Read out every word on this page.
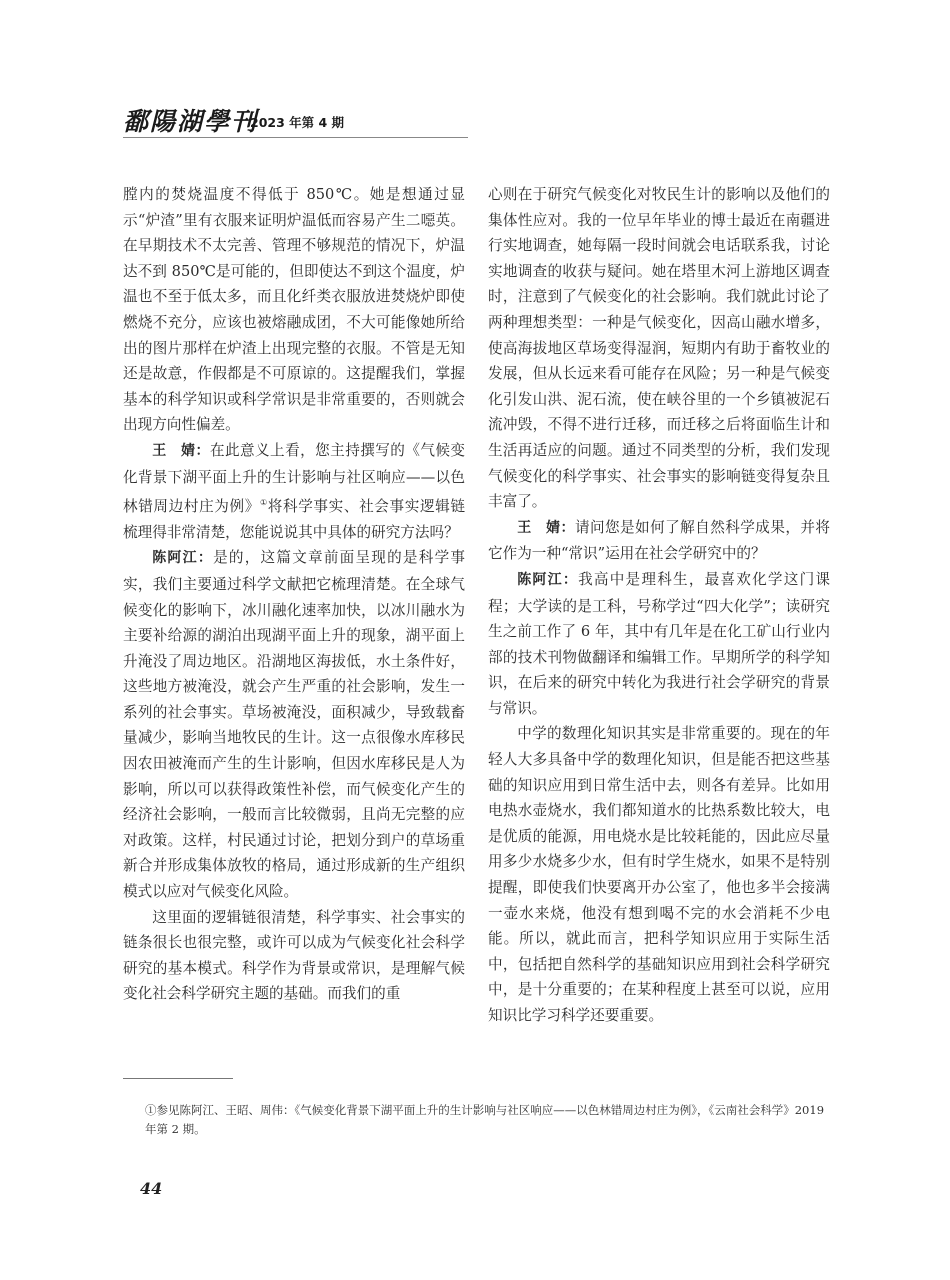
鄱陽湖學刊
2023 年第 4 期

膛内的焚烧温度不得低于 850℃。她是想通过显示“炉渣”里有衣服来证明炉温低而容易产生二噁英。在早期技术不太完善、管理不够规范的情况下，炉温达不到 850℃是可能的，但即使达不到这个温度，炉温也不至于低太多，而且化纤类衣服放进焚烧炉即使燃烧不充分，应该也被熔融成团，不大可能像她所给出的图片那样在炉渣上出现完整的衣服。不管是无知还是故意，作假都是不可原谅的。这提醒我们，掌握基本的科学知识或科学常识是非常重要的，否则就会出现方向性偏差。

王　婧：在此意义上看，您主持撰写的《气候变化背景下湖平面上升的生计影响与社区响应——以色林错周边村庄为例》①将科学事实、社会事实逻辑链梳理得非常清楚，您能说说其中具体的研究方法吗？

陈阿江：是的，这篇文章前面呈现的是科学事实，我们主要通过科学文献把它梳理清楚。在全球气候变化的影响下，冰川融化速率加快，以冰川融水为主要补给源的湖泊出现湖平面上升的现象，湖平面上升淹没了周边地区。沿湖地区海拔低，水土条件好，这些地方被淹没，就会产生严重的社会影响，发生一系列的社会事实。草场被淹没，面积减少，导致载畜量减少，影响当地牧民的生计。这一点很像水库移民因农田被淹而产生的生计影响，但因水库移民是人为影响，所以可以获得政策性补偿，而气候变化产生的经济社会影响，一般而言比较微弱，且尚无完整的应对政策。这样，村民通过讨论，把划分到户的草场重新合并形成集体放牧的格局，通过形成新的生产组织模式以应对气候变化风险。

这里面的逻辑链很清楚，科学事实、社会事实的链条很长也很完整，或许可以成为气候变化社会科学研究的基本模式。科学作为背景或常识，是理解气候变化社会科学研究主题的基础。而我们的重

心则在于研究气候变化对牧民生计的影响以及他们的集体性应对。我的一位早年毕业的博士最近在南疆进行实地调查，她每隔一段时间就会电话联系我，讨论实地调查的收获与疑问。她在塔里木河上游地区调查时，注意到了气候变化的社会影响。我们就此讨论了两种理想类型：一种是气候变化，因高山融水增多，使高海拔地区草场变得湿润，短期内有助于畜牧业的发展，但从长远来看可能存在风险；另一种是气候变化引发山洪、泥石流，使在峡谷里的一个乡镇被泥石流冲毁，不得不进行迁移，而迁移之后将面临生计和生活再适应的问题。通过不同类型的分析，我们发现气候变化的科学事实、社会事实的影响链变得复杂且丰富了。

王　婧：请问您是如何了解自然科学成果，并将它作为一种“常识”运用在社会学研究中的？

陈阿江：我高中是理科生，最喜欢化学这门课程；大学读的是工科，号称学过“四大化学”；读研究生之前工作了 6 年，其中有几年是在化工矿山行业内部的技术刊物做翻译和编辑工作。早期所学的科学知识，在后来的研究中转化为我进行社会学研究的背景与常识。

中学的数理化知识其实是非常重要的。现在的年轻人大多具备中学的数理化知识，但是能否把这些基础的知识应用到日常生活中去，则各有差异。比如用电热水壶烧水，我们都知道水的比热系数比较大，电是优质的能源，用电烧水是比较耗能的，因此应尽量用多少水烧多少水，但有时学生烧水，如果不是特别提醒，即使我们快要离开办公室了，他也多半会接满一壶水来烧，他没有想到喝不完的水会消耗不少电能。所以，就此而言，把科学知识应用于实际生活中，包括把自然科学的基础知识应用到社会科学研究中，是十分重要的；在某种程度上甚至可以说，应用知识比学习科学还要重要。

①参见陈阿江、王昭、周伟：《气候变化背景下湖平面上升的生计影响与社区响应——以色林错周边村庄为例》，《云南社会科学》2019 年第 2 期。
44
